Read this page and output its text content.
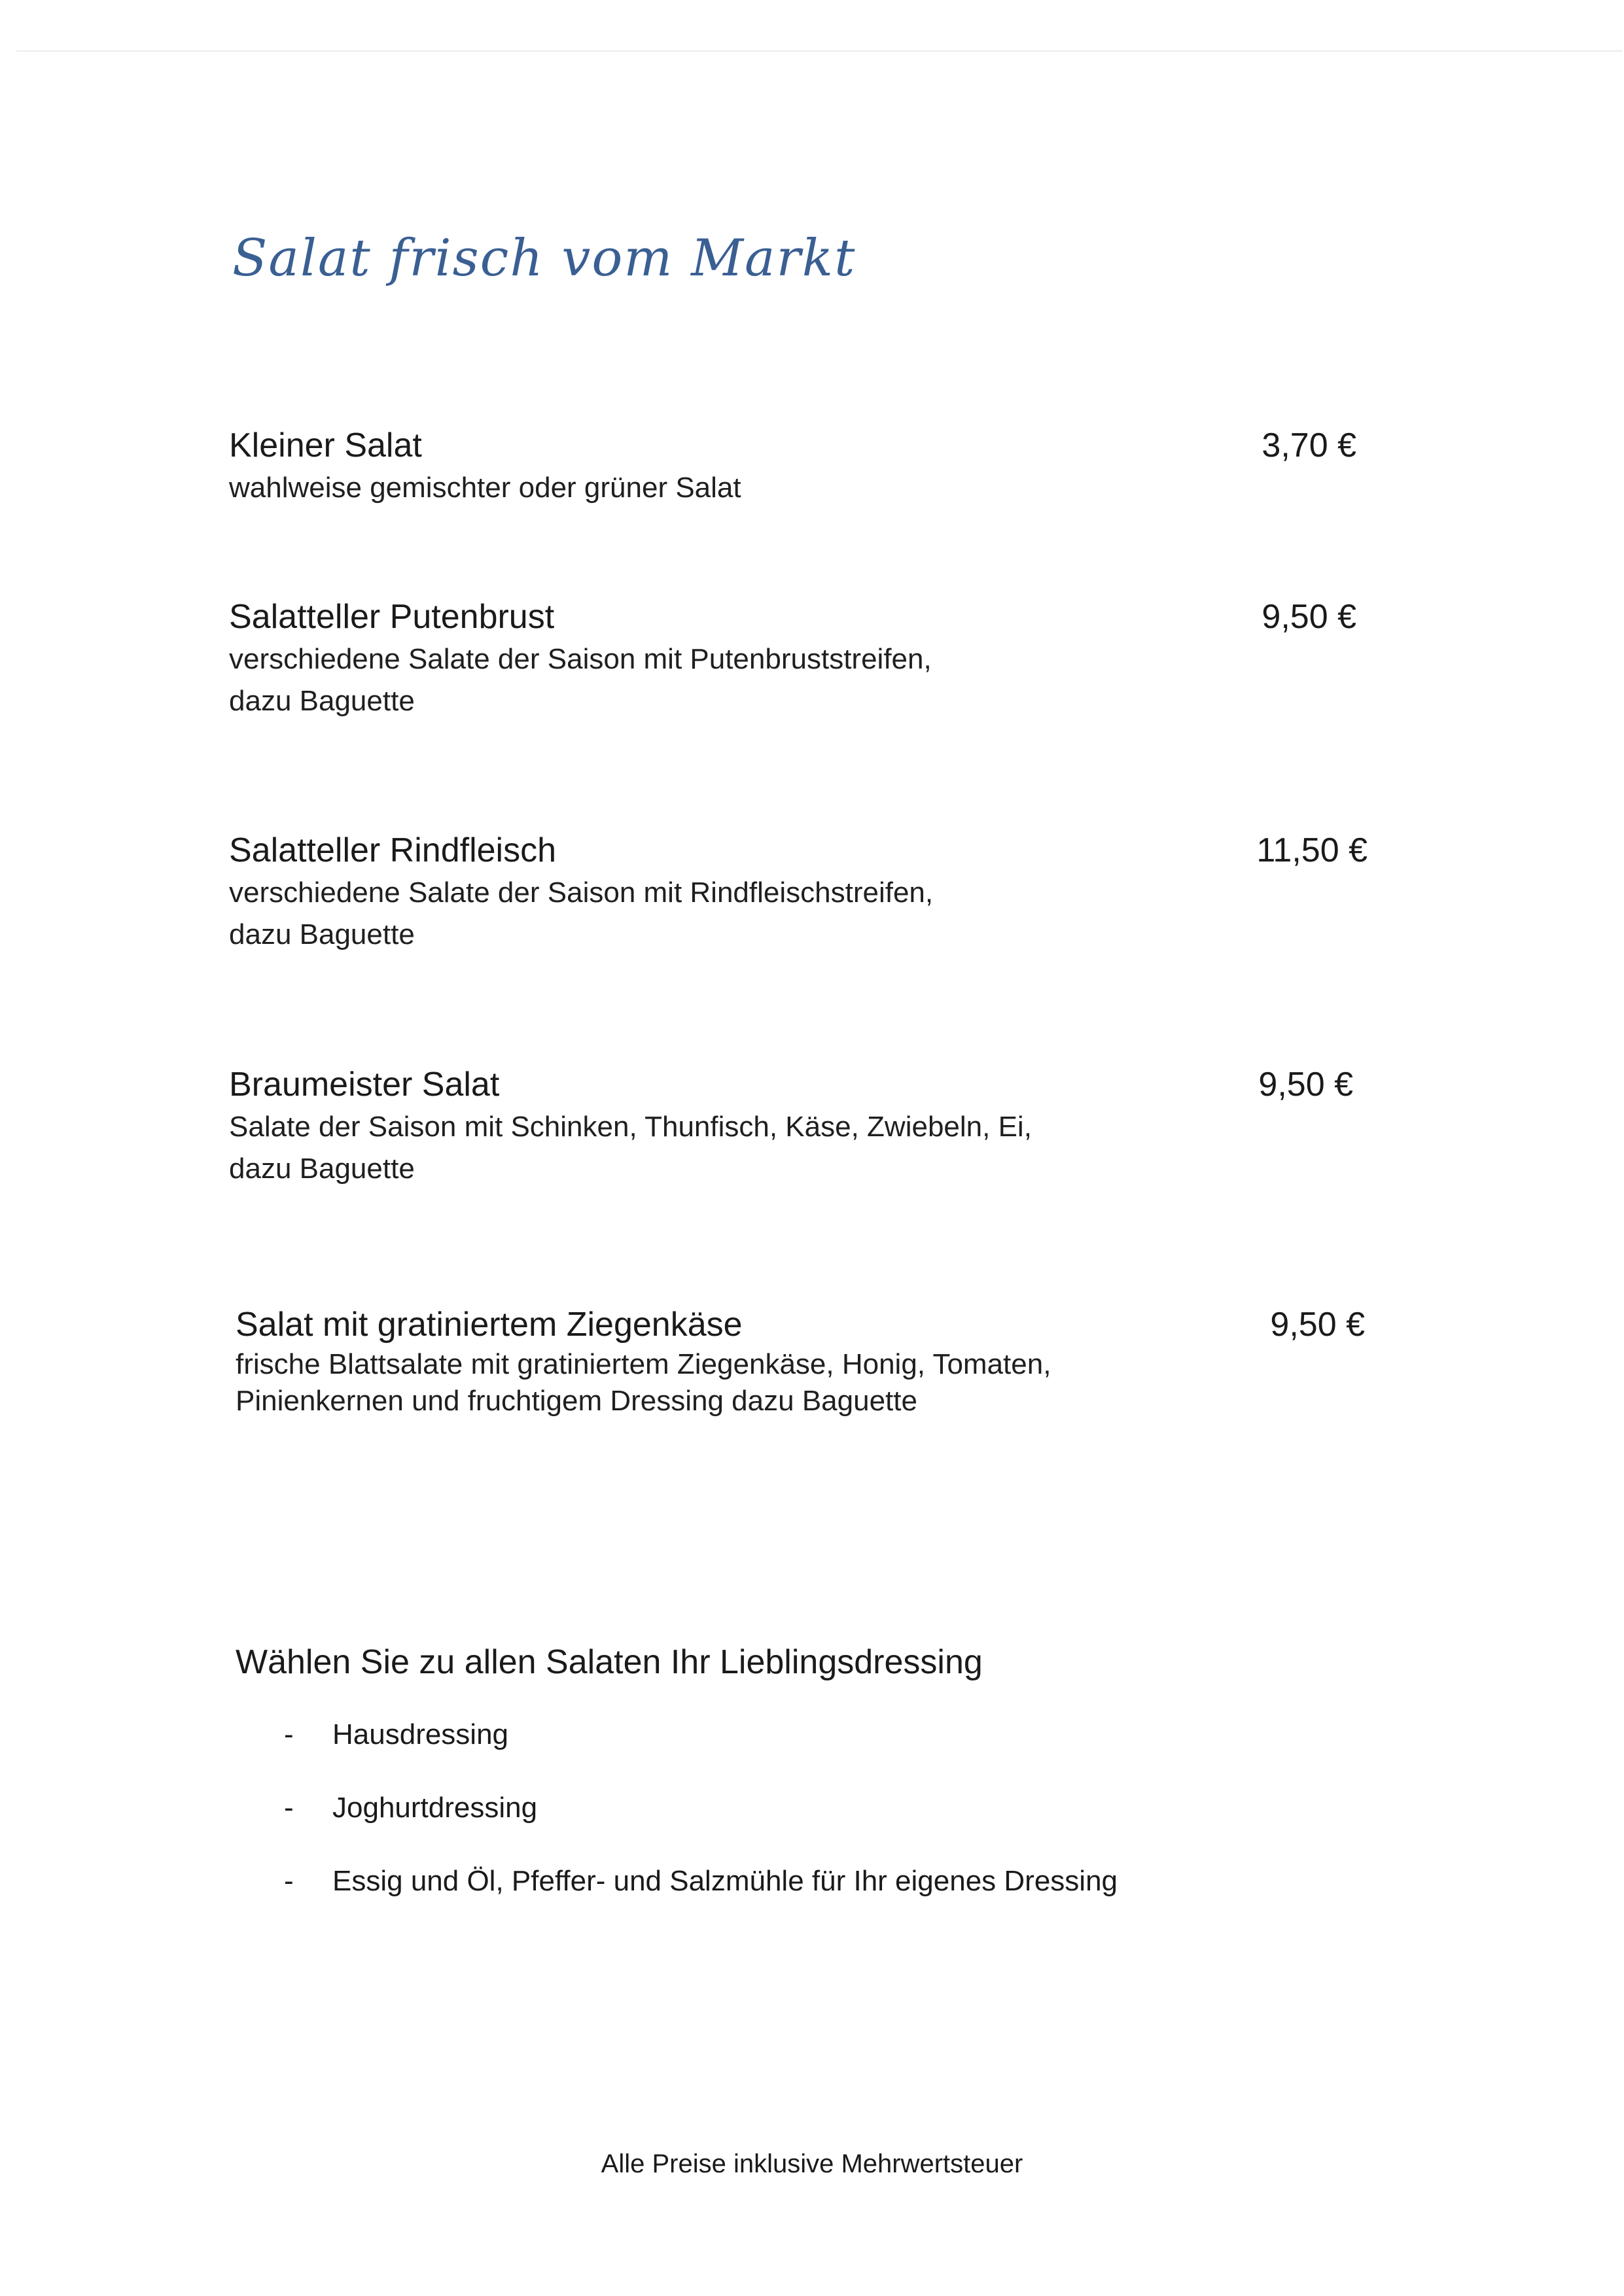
Salat frisch vom Markt
Kleiner Salat
wahlweise gemischter oder grüner Salat
3,70 €
Salatteller Putenbrust
verschiedene Salate der Saison mit Putenbruststreifen,
dazu Baguette
9,50 €
Salatteller Rindfleisch
verschiedene Salate der Saison mit Rindfleischstreifen,
dazu Baguette
11,50 €
Braumeister Salat
Salate der Saison mit Schinken, Thunfisch, Käse, Zwiebeln, Ei,
dazu Baguette
9,50 €
Salat mit gratiniertem Ziegenkäse
frische Blattsalate mit gratiniertem Ziegenkäse, Honig, Tomaten,
Pinienkernen und fruchtigem Dressing dazu Baguette
9,50 €
Wählen Sie zu allen Salaten Ihr Lieblingsdressing
- Hausdressing
- Joghurtdressing
- Essig und Öl, Pfeffer- und Salzmühle für Ihr eigenes Dressing
Alle Preise inklusive Mehrwertsteuer
